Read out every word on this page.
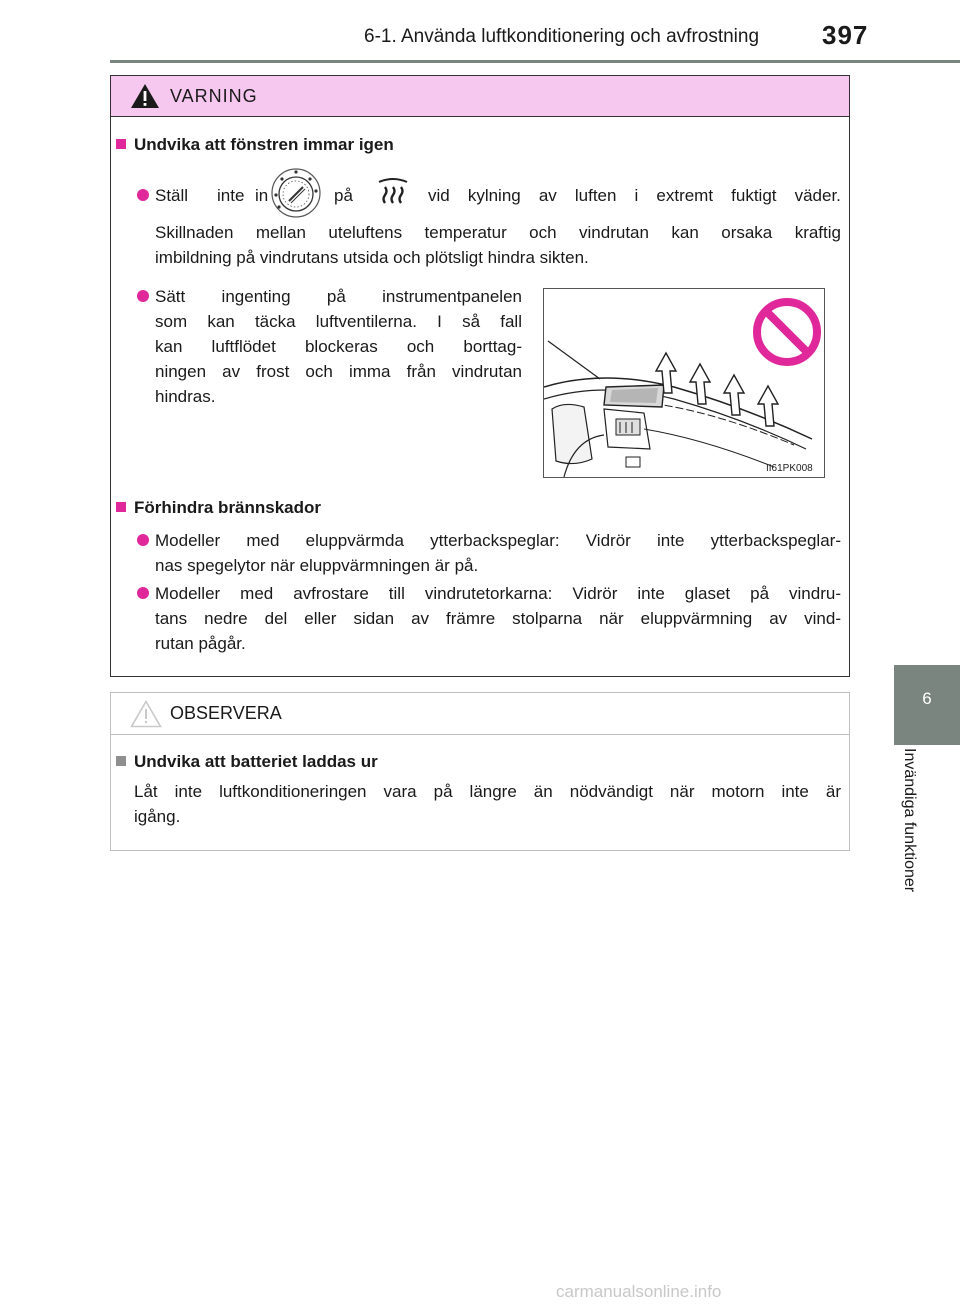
6-1. Använda luftkonditionering och avfrostning 397
6
Invändiga funktioner
VARNING
Undvika att fönstren immar igen
Ställ inte in	på	vid kylning av luften i extremt fuktigt väder.
Skillnaden mellan uteluftens temperatur och vindrutan kan orsaka kraftig
imbildning på vindrutans utsida och plötsligt hindra sikten.
Sätt ingenting på instrumentpanelen
som kan täcka luftventilerna. I så fall
kan luftflödet blockeras och borttag-
ningen av frost och imma från vindrutan
hindras.
II61PK008
Förhindra brännskador
Modeller med eluppvärmda ytterbackspeglar: Vidrör inte ytterbackspeglar-
nas spegelytor när eluppvärmningen är på.
Modeller med avfrostare till vindrutetorkarna: Vidrör inte glaset på vindru-
tans nedre del eller sidan av främre stolparna när eluppvärmning av vind-
rutan pågår.
OBSERVERA
Undvika att batteriet laddas ur
Låt inte luftkonditioneringen vara på längre än nödvändigt när motorn inte är
igång.
carmanualsonline.info
